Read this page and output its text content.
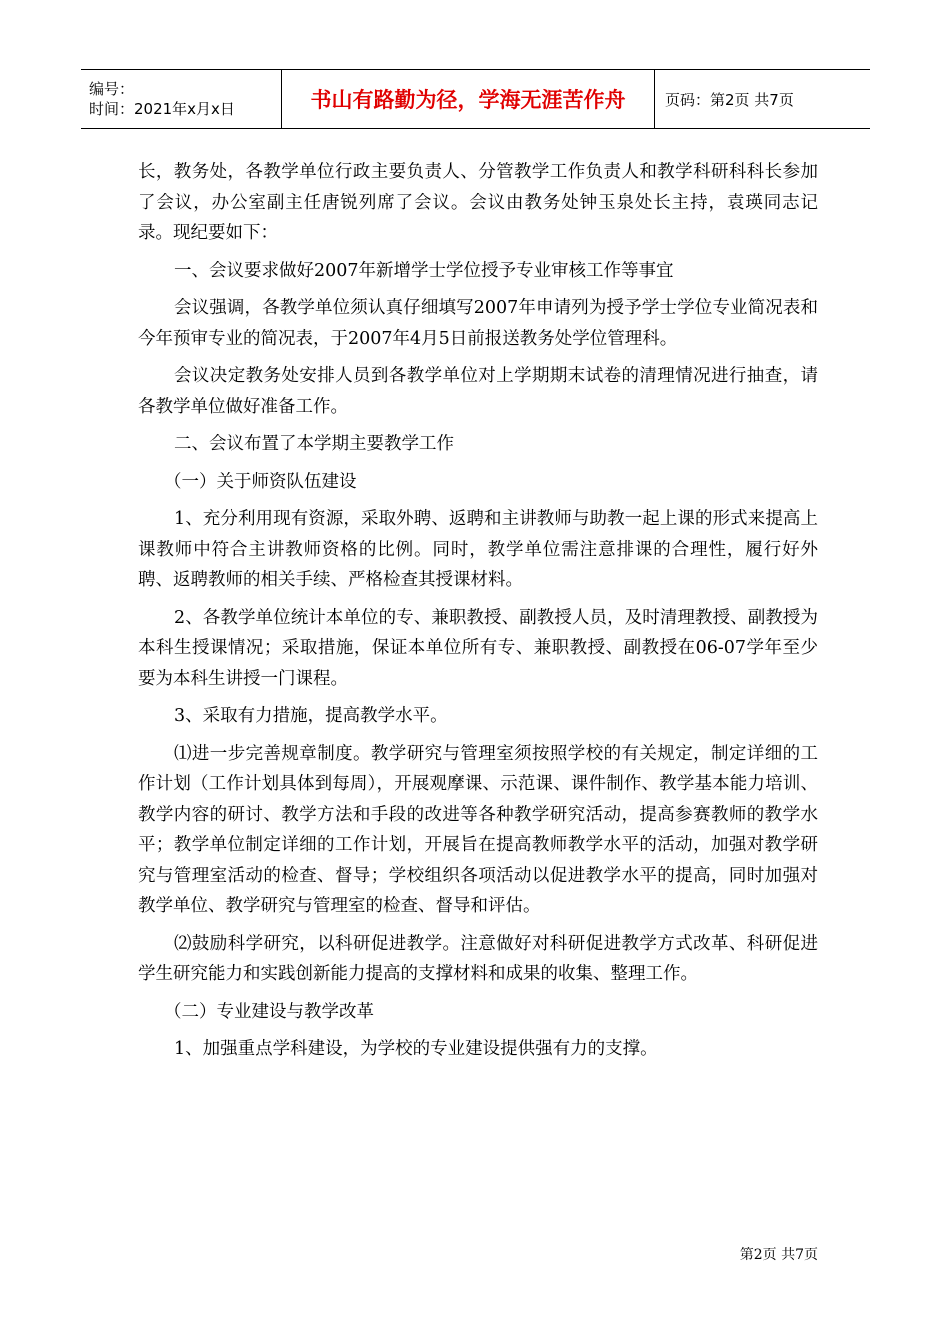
编号：
时间：2021年x月x日	书山有路勤为径，学海无涯苦作舟	页码：第2页 共7页

长，教务处，各教学单位行政主要负责人、分管教学工作负责人和教学科研科科长参加了会议，办公室副主任唐锐列席了会议。会议由教务处钟玉泉处长主持，袁瑛同志记录。现纪要如下：

一、会议要求做好2007年新增学士学位授予专业审核工作等事宜

会议强调，各教学单位须认真仔细填写2007年申请列为授予学士学位专业简况表和今年预审专业的简况表，于2007年4月5日前报送教务处学位管理科。

会议决定教务处安排人员到各教学单位对上学期期末试卷的清理情况进行抽查，请各教学单位做好准备工作。

二、会议布置了本学期主要教学工作

（一）关于师资队伍建设

1、充分利用现有资源，采取外聘、返聘和主讲教师与助教一起上课的形式来提高上课教师中符合主讲教师资格的比例。同时，教学单位需注意排课的合理性，履行好外聘、返聘教师的相关手续、严格检查其授课材料。

2、各教学单位统计本单位的专、兼职教授、副教授人员，及时清理教授、副教授为本科生授课情况；采取措施，保证本单位所有专、兼职教授、副教授在06-07学年至少要为本科生讲授一门课程。

3、采取有力措施，提高教学水平。

⑴进一步完善规章制度。教学研究与管理室须按照学校的有关规定，制定详细的工作计划（工作计划具体到每周），开展观摩课、示范课、课件制作、教学基本能力培训、教学内容的研讨、教学方法和手段的改进等各种教学研究活动，提高参赛教师的教学水平；教学单位制定详细的工作计划，开展旨在提高教师教学水平的活动，加强对教学研究与管理室活动的检查、督导；学校组织各项活动以促进教学水平的提高，同时加强对教学单位、教学研究与管理室的检查、督导和评估。

⑵鼓励科学研究，以科研促进教学。注意做好对科研促进教学方式改革、科研促进学生研究能力和实践创新能力提高的支撑材料和成果的收集、整理工作。

（二）专业建设与教学改革

1、加强重点学科建设，为学校的专业建设提供强有力的支撑。

第2页 共7页
